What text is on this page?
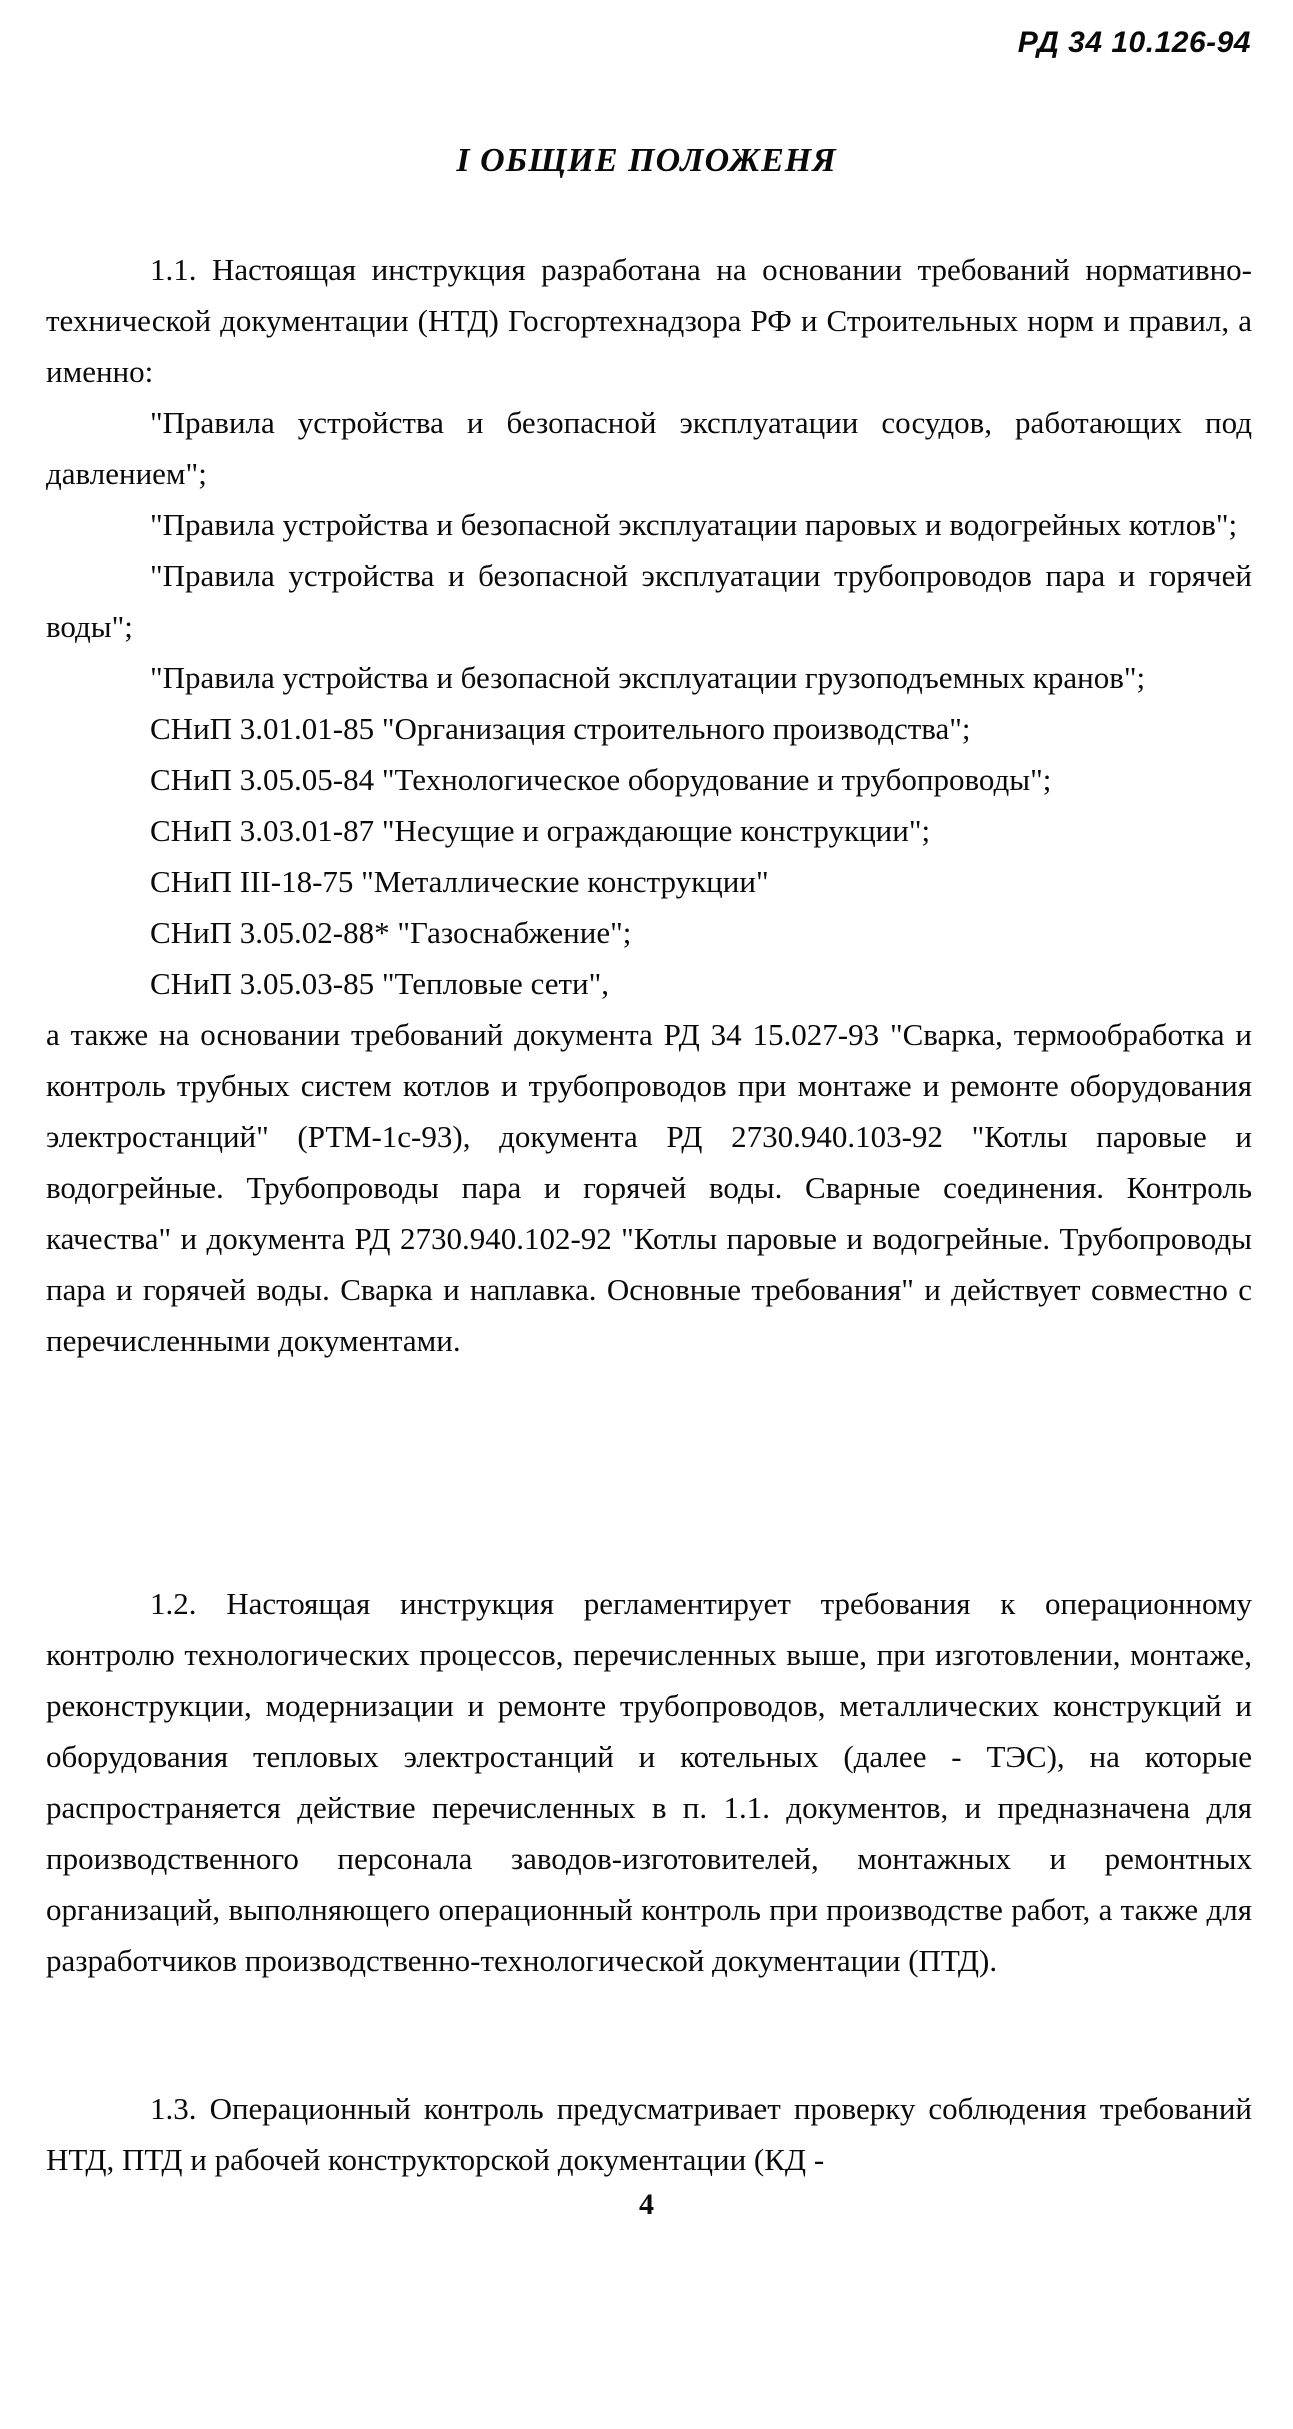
РД 34 10.126-94
I ОБЩИЕ ПОЛОЖЕНЯ

1.1. Настоящая инструкция разработана на основании требований нормативно-технической документации (НТД) Госгортехнадзора РФ и Строительных норм и правил, а именно:

"Правила устройства и безопасной эксплуатации сосудов, работающих под давлением";

"Правила устройства и безопасной эксплуатации паровых и водогрейных котлов";

"Правила устройства и безопасной эксплуатации трубопроводов пара и горячей воды";

"Правила устройства и безопасной эксплуатации грузоподъемных кранов";

СНиП 3.01.01-85 "Организация строительного производства";

СНиП 3.05.05-84 "Технологическое оборудование и трубопроводы";

СНиП 3.03.01-87 "Несущие и ограждающие конструкции";

СНиП III-18-75 "Металлические конструкции"

СНиП 3.05.02-88* "Газоснабжение";

СНиП 3.05.03-85 "Тепловые сети",

а также на основании требований документа РД 34 15.027-93 "Сварка, термообработка и контроль трубных систем котлов и трубопроводов при монтаже и ремонте оборудования электростанций" (РТМ-1с-93), документа РД 2730.940.103-92 "Котлы паровые и водогрейные. Трубопроводы пара и горячей воды. Сварные соединения. Контроль качества" и документа РД 2730.940.102-92 "Котлы паровые и водогрейные. Трубопроводы пара и горячей воды. Сварка и наплавка. Основные требования" и действует совместно с перечисленными документами.

1.2. Настоящая инструкция регламентирует требования к операционному контролю технологических процессов, перечисленных выше, при изготовлении, монтаже, реконструкции, модернизации и ремонте трубопроводов, металлических конструкций и оборудования тепловых электростанций и котельных (далее - ТЭС), на которые распространяется действие перечисленных в п. 1.1. документов, и предназначена для производственного персонала заводов-изготовителей, монтажных и ремонтных организаций, выполняющего операционный контроль при производстве работ, а также для разработчиков производственно-технологической документации (ПТД).

1.3. Операционный контроль предусматривает проверку соблюдения требований НТД, ПТД и рабочей конструкторской документации (КД -

4
